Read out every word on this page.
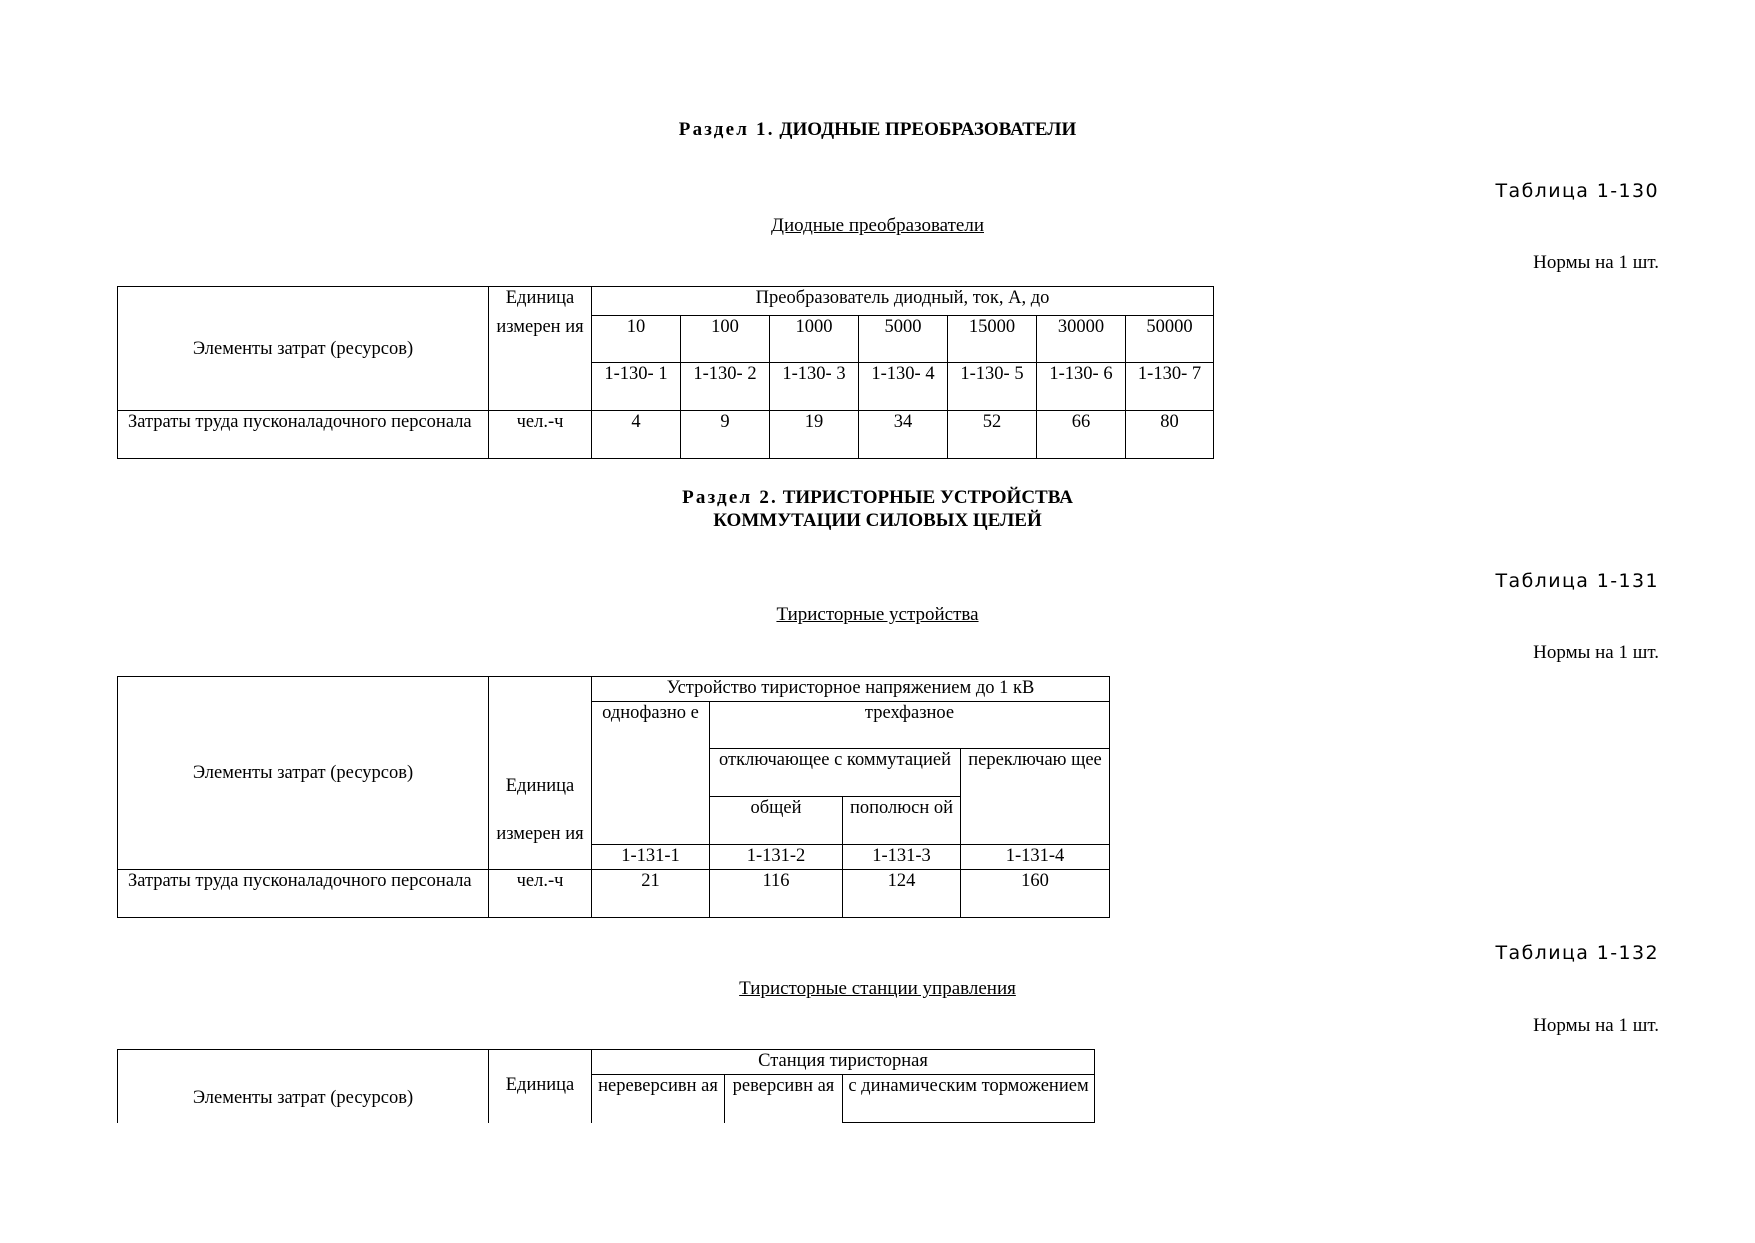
Раздел 1. ДИОДНЫЕ ПРЕОБРАЗОВАТЕЛИ
Таблица 1-130
Диодные преобразователи
Нормы на 1 шт.
Элементы затрат (ресурсов)	Единица	Преобразователь диодный, ток, А, до						
	измерен ия	10	100	1000	5000	15000	30000	50000
		1-130- 1	1-130- 2	1-130- 3	1-130- 4	1-130- 5	1-130- 6	1-130- 7
Затраты труда пусконаладочного персонала	чел.-ч	4	9	19	34	52	66	80
Раздел 2. ТИРИСТОРНЫЕ УСТРОЙСТВА
КОММУТАЦИИ СИЛОВЫХ ЦЕЛЕЙ
Таблица 1-131
Тиристорные устройства
Нормы на 1 шт.
Элементы затрат (ресурсов)	Единица	Устройство тиристорное напряжением до 1 кВ			
		однофазно е	трехфазное		
			отключающее с коммутацией		переключаю щее
	измерен ия		общей	пополюсн ой	
		1-131-1	1-131-2	1-131-3	1-131-4
Затраты труда пусконаладочного персонала	чел.-ч	21	116	124	160
Таблица 1-132
Тиристорные станции управления
Нормы на 1 шт.
Элементы затрат (ресурсов)	Единица	Станция тиристорная		
		нереверсивн ая	реверсивн ая	с динамическим торможением
